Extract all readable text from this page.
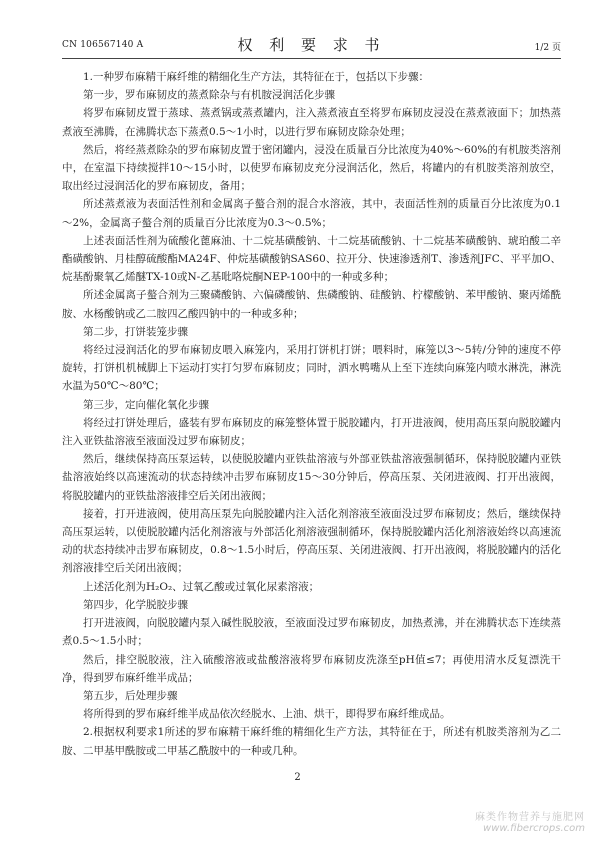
CN 106567140 A	权 利 要 求 书	1/2 页

1.一种罗布麻精干麻纤维的精细化生产方法，其特征在于，包括以下步骤：

第一步，罗布麻韧皮的蒸煮除杂与有机胺浸润活化步骤

将罗布麻韧皮置于蒸球、蒸煮锅或蒸煮罐内，注入蒸煮液直至将罗布麻韧皮浸没在蒸煮液面下；加热蒸煮液至沸腾，在沸腾状态下蒸煮0.5～1小时，以进行罗布麻韧皮除杂处理；

然后，将经蒸煮除杂的罗布麻韧皮置于密闭罐内，浸没在质量百分比浓度为40%～60%的有机胺类溶剂中，在室温下持续搅拌10～15小时，以使罗布麻韧皮充分浸润活化，然后，将罐内的有机胺类溶剂放空，取出经过浸润活化的罗布麻韧皮，备用；

所述蒸煮液为表面活性剂和金属离子螯合剂的混合水溶液，其中，表面活性剂的质量百分比浓度为0.1～2%，金属离子螯合剂的质量百分比浓度为0.3～0.5%；

上述表面活性剂为硫酸化蓖麻油、十二烷基磺酸钠、十二烷基硫酸钠、十二烷基苯磺酸钠、琥珀酸二辛酯磺酸钠、月桂醇硫酸酯MA24F、仲烷基磺酸钠SAS60、拉开分、快速渗透剂T、渗透剂JFC、平平加O、烷基酚聚氧乙烯醚TX-10或N-乙基吡咯烷酮NEP-100中的一种或多种；

所述金属离子螯合剂为三聚磷酸钠、六偏磷酸钠、焦磷酸钠、硅酸钠、柠檬酸钠、苯甲酸钠、聚丙烯酰胺、水杨酸钠或乙二胺四乙酸四钠中的一种或多种；

第二步，打饼装笼步骤

将经过浸润活化的罗布麻韧皮喂入麻笼内，采用打饼机打饼；喂料时，麻笼以3～5转/分钟的速度不停旋转，打饼机机械脚上下运动打实打匀罗布麻韧皮；同时，洒水鸭嘴从上至下连续向麻笼内喷水淋洗，淋洗水温为50℃～80℃；

第三步，定向催化氧化步骤

将经过打饼处理后，盛装有罗布麻韧皮的麻笼整体置于脱胶罐内，打开进液阀，使用高压泵向脱胶罐内注入亚铁盐溶液至液面没过罗布麻韧皮；

然后，继续保持高压泵运转，以使脱胶罐内亚铁盐溶液与外部亚铁盐溶液强制循环，保持脱胶罐内亚铁盐溶液始终以高速流动的状态持续冲击罗布麻韧皮15～30分钟后，停高压泵、关闭进液阀、打开出液阀，将脱胶罐内的亚铁盐溶液排空后关闭出液阀；

接着，打开进液阀，使用高压泵先向脱胶罐内注入活化剂溶液至液面没过罗布麻韧皮；然后，继续保持高压泵运转，以使脱胶罐内活化剂溶液与外部活化剂溶液强制循环，保持脱胶罐内活化剂溶液始终以高速流动的状态持续冲击罗布麻韧皮，0.8～1.5小时后，停高压泵、关闭进液阀、打开出液阀，将脱胶罐内的活化剂溶液排空后关闭出液阀；

上述活化剂为H₂O₂、过氧乙酸或过氧化尿素溶液；

第四步，化学脱胶步骤

打开进液阀，向脱胶罐内泵入碱性脱胶液，至液面没过罗布麻韧皮，加热煮沸，并在沸腾状态下连续蒸煮0.5～1.5小时；

然后，排空脱胶液，注入硫酸溶液或盐酸溶液将罗布麻韧皮洗涤至pH值≤7；再使用清水反复漂洗干净，得到罗布麻纤维半成品；

第五步，后处理步骤

将所得到的罗布麻纤维半成品依次经脱水、上油、烘干，即得罗布麻纤维成品。

2.根据权利要求1所述的罗布麻精干麻纤维的精细化生产方法，其特征在于，所述有机胺类溶剂为乙二胺、二甲基甲酰胺或二甲基乙酰胺中的一种或几种。

2
麻类作物营养与施肥网
www.fibercrops.com
